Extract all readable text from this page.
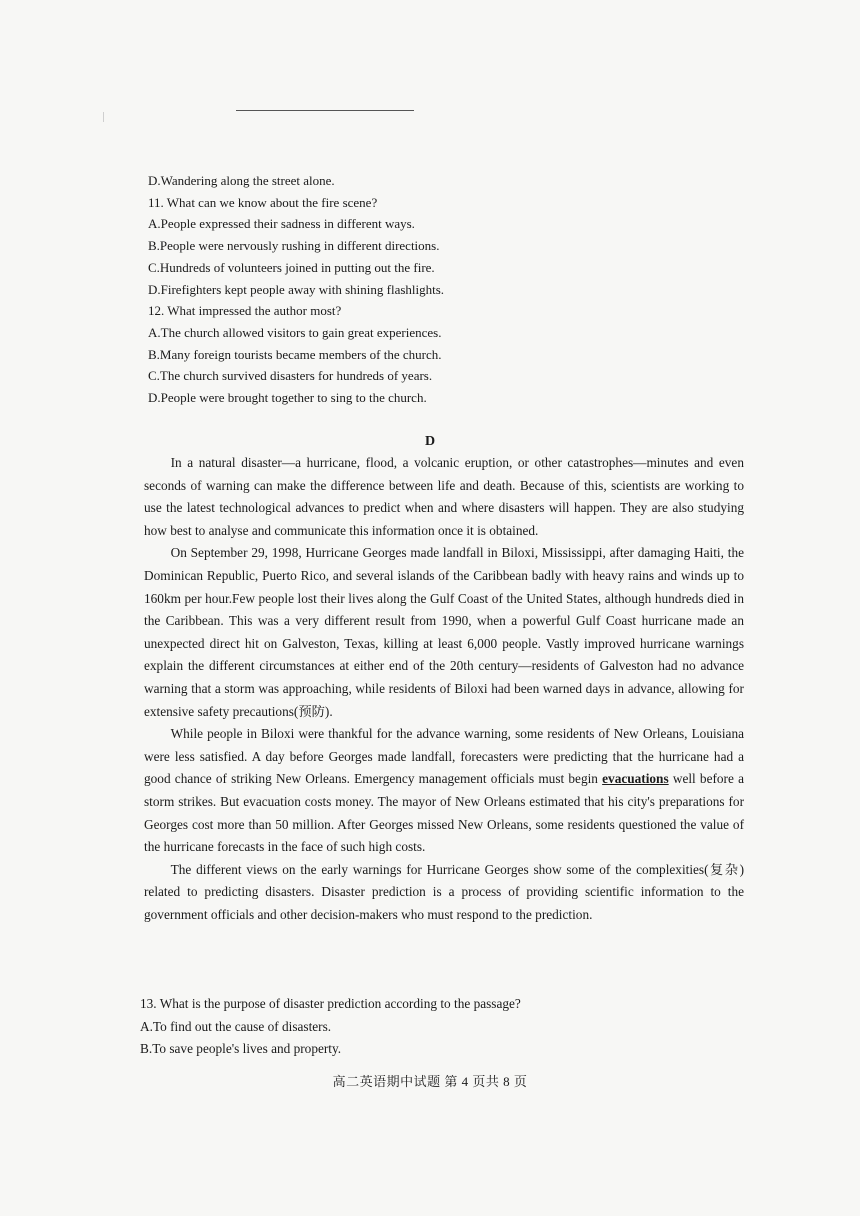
D.Wandering along the street alone.
11. What can we know about the fire scene?
A.People expressed their sadness in different ways.
B.People were nervously rushing in different directions.
C.Hundreds of volunteers joined in putting out the fire.
D.Firefighters kept people away with shining flashlights.
12. What impressed the author most?
A.The church allowed visitors to gain great experiences.
B.Many foreign tourists became members of the church.
C.The church survived disasters for hundreds of years.
D.People were brought together to sing to the church.
D

In a natural disaster—a hurricane, flood, a volcanic eruption, or other catastrophes—minutes and even seconds of warning can make the difference between life and death. Because of this, scientists are working to use the latest technological advances to predict when and where disasters will happen. They are also studying how best to analyse and communicate this information once it is obtained.

On September 29, 1998, Hurricane Georges made landfall in Biloxi, Mississippi, after damaging Haiti, the Dominican Republic, Puerto Rico, and several islands of the Caribbean badly with heavy rains and winds up to 160km per hour.Few people lost their lives along the Gulf Coast of the United States, although hundreds died in the Caribbean. This was a very different result from 1990, when a powerful Gulf Coast hurricane made an unexpected direct hit on Galveston, Texas, killing at least 6,000 people. Vastly improved hurricane warnings explain the different circumstances at either end of the 20th century—residents of Galveston had no advance warning that a storm was approaching, while residents of Biloxi had been warned days in advance, allowing for extensive safety precautions(预防).

While people in Biloxi were thankful for the advance warning, some residents of New Orleans, Louisiana were less satisfied. A day before Georges made landfall, forecasters were predicting that the hurricane had a good chance of striking New Orleans. Emergency management officials must begin evacuations well before a storm strikes. But evacuation costs money. The mayor of New Orleans estimated that his city's preparations for Georges cost more than 50 million. After Georges missed New Orleans, some residents questioned the value of the hurricane forecasts in the face of such high costs.

The different views on the early warnings for Hurricane Georges show some of the complexities(复杂) related to predicting disasters. Disaster prediction is a process of providing scientific information to the government officials and other decision-makers who must respond to the prediction.

13. What is the purpose of disaster prediction according to the passage?
A.To find out the cause of disasters.
B.To save people's lives and property.
高二英语期中试题 第 4 页共 8 页
